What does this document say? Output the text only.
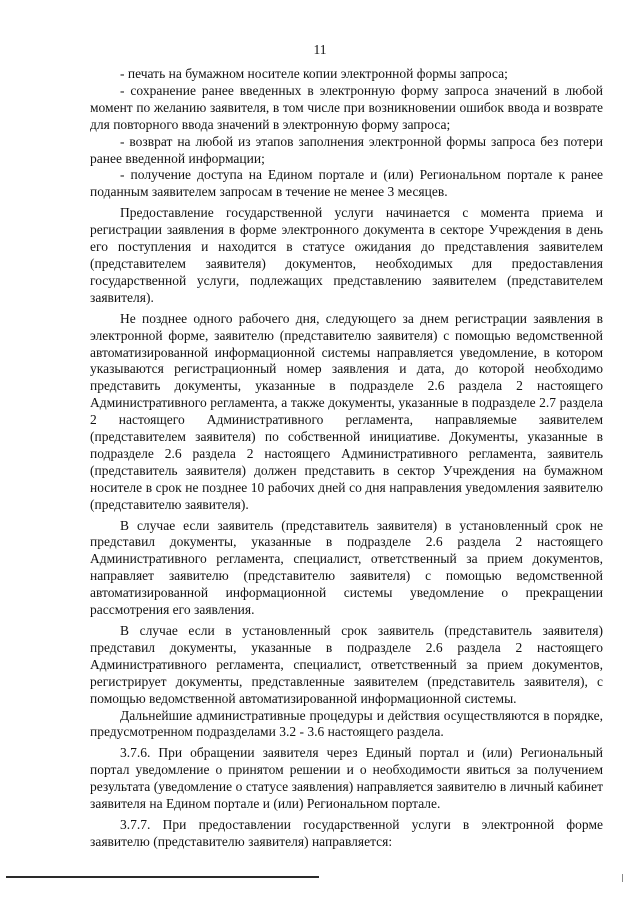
11

- печать на бумажном носителе копии электронной формы запроса;

- сохранение ранее введенных в электронную форму запроса значений в любой момент по желанию заявителя, в том числе при возникновении ошибок ввода и возврате для повторного ввода значений в электронную форму запроса;

- возврат на любой из этапов заполнения электронной формы запроса без потери ранее введенной информации;

- получение доступа на Едином портале и (или) Региональном портале к ранее поданным заявителем запросам в течение не менее 3 месяцев.

Предоставление государственной услуги начинается с момента приема и регистрации заявления в форме электронного документа в секторе Учреждения в день его поступления и находится в статусе ожидания до представления заявителем (представителем заявителя) документов, необходимых для предоставления государственной услуги, подлежащих представлению заявителем (представителем заявителя).

Не позднее одного рабочего дня, следующего за днем регистрации заявления в электронной форме, заявителю (представителю заявителя) с помощью ведомственной автоматизированной информационной системы направляется уведомление, в котором указываются регистрационный номер заявления и дата, до которой необходимо представить документы, указанные в подразделе 2.6 раздела 2 настоящего Административного регламента, а также документы, указанные в подразделе 2.7 раздела 2 настоящего Административного регламента, направляемые заявителем (представителем заявителя) по собственной инициативе. Документы, указанные в подразделе 2.6 раздела 2 настоящего Административного регламента, заявитель (представитель заявителя) должен представить в сектор Учреждения на бумажном носителе в срок не позднее 10 рабочих дней со дня направления уведомления заявителю (представителю заявителя).

В случае если заявитель (представитель заявителя) в установленный срок не представил документы, указанные в подразделе 2.6 раздела 2 настоящего Административного регламента, специалист, ответственный за прием документов, направляет заявителю (представителю заявителя) с помощью ведомственной автоматизированной информационной системы уведомление о прекращении рассмотрения его заявления.

В случае если в установленный срок заявитель (представитель заявителя) представил документы, указанные в подразделе 2.6 раздела 2 настоящего Административного регламента, специалист, ответственный за прием документов, регистрирует документы, представленные заявителем (представитель заявителя), с помощью ведомственной автоматизированной информационной системы.

Дальнейшие административные процедуры и действия осуществляются в порядке, предусмотренном подразделами 3.2 - 3.6 настоящего раздела.

3.7.6. При обращении заявителя через Единый портал и (или) Региональный портал уведомление о принятом решении и о необходимости явиться за получением результата (уведомление о статусе заявления) направляется заявителю в личный кабинет заявителя на Едином портале и (или) Региональном портале.

3.7.7. При предоставлении государственной услуги в электронной форме заявителю (представителю заявителя) направляется:
